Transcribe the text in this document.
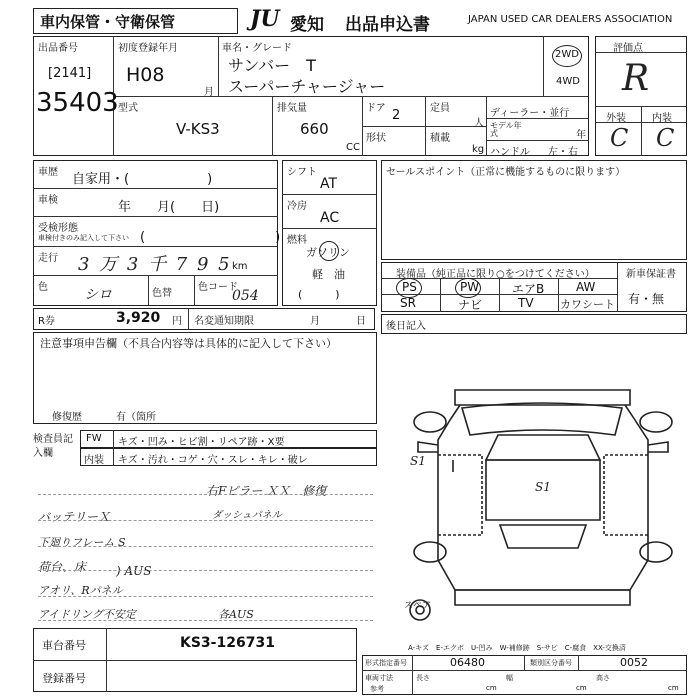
車内保管・守衛保管	JU 愛知 出品申込書	JAPAN USED CAR DEALERS ASSOCIATION
出品番号
[2141]
35403
初度登録年月
H08
月
車名・グレード
サンバー　T
スーパーチャージャー
2WD
4WD
型式
V-KS3
排気量
660
CC
ドア 2
形状
定員
人
積載
kg
ディーラー・並行
モデル年式	年
ハンドル 左・右
評価点
R
外装	内装
C C
車歴 自家用・(　　　　　　)
車検	年　　月(　　日)
受検形態
車検付きのみ記入して下さい (　　　　　　　　　　)
走行 3 万 3 千 7 9 5 km
色	シロ	色替
色コード
054
R券	3,920 円 名変通知期限	月	日
シフト
AT
冷房
AC
燃料
ガソリン
軽　油
(　　　)
セールスポイント（正常に機能するものに限ります）
装備品（純正品に限り○をつけてください）
PS	PW	エアB	AW
SR	ナビ	TV カワシート
新車保証書
有・無
注意事項申告欄（不具合内容等は具体的に記入して下さい）
修復歴	有（箇所
後日記入
検査員記入欄
FW キズ・凹み・ヒビ割・リペア跡・X要
内装 キズ・汚れ・コゲ・穴・スレ・キレ・破レ
右Fピラー ＸＸ　修復
ダッシュパネル
バッテリーＸ
下廻りフレーム S
荷台、床 ) AUS
アオリ、Rパネル
アイドリング不安定	各AUS
S1
S1
スペア
A-キズ　E-エクボ　U-凹み　W-補修跡　S-サビ　C-腐食　XX-交換済
車台番号	KS3-126731
登録番号
形式指定番号	06480	類別区分番号	0052
車両寸法
参考
長さ
cm
幅
cm
高さ
cm
